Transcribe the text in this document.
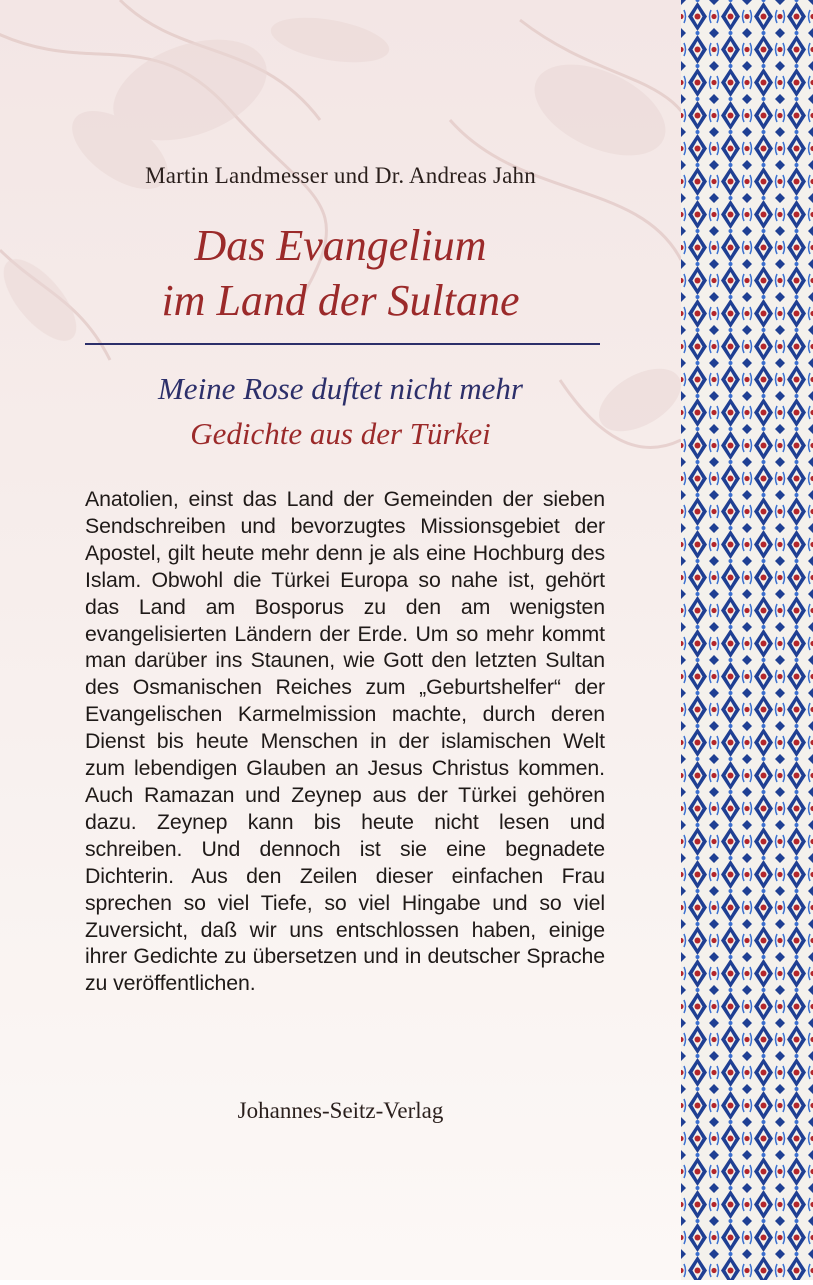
Martin Landmesser und Dr. Andreas Jahn
Das Evangelium
im Land der Sultane
Meine Rose duftet nicht mehr
Gedichte aus der Türkei
Anatolien, einst das Land der Gemeinden der sieben Sendschreiben und bevorzugtes Missionsgebiet der Apostel, gilt heute mehr denn je als eine Hochburg des Islam. Obwohl die Türkei Europa so nahe ist, gehört das Land am Bosporus zu den am wenigsten evangelisierten Ländern der Erde. Um so mehr kommt man darüber ins Staunen, wie Gott den letzten Sultan des Osmanischen Reiches zum „Geburtshelfer“ der Evangelischen Karmelmission machte, durch deren Dienst bis heute Menschen in der islamischen Welt zum lebendigen Glauben an Jesus Christus kommen. Auch Ramazan und Zeynep aus der Türkei gehören dazu. Zeynep kann bis heute nicht lesen und schreiben. Und dennoch ist sie eine begnadete Dichterin. Aus den Zeilen dieser einfachen Frau sprechen so viel Tiefe, so viel Hingabe und so viel Zuversicht, daß wir uns entschlossen haben, einige ihrer Gedichte zu übersetzen und in deutscher Sprache zu veröffentlichen.
Johannes-Seitz-Verlag
